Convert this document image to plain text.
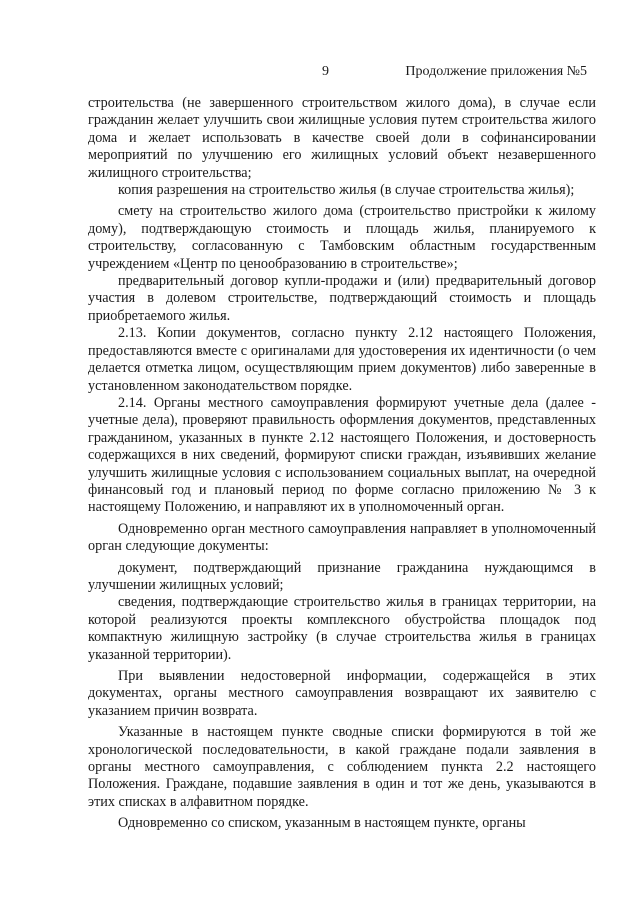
9	Продолжение приложения №5

строительства (не завершенного строительством жилого дома), в случае если гражданин желает улучшить свои жилищные условия путем строительства жилого дома и желает использовать в качестве своей доли в софинансировании мероприятий по улучшению его жилищных условий объект незавершенного жилищного строительства;

копия разрешения на строительство жилья (в случае строительства жилья);

смету на строительство жилого дома (строительство пристройки к жилому дому), подтверждающую стоимость и площадь жилья, планируемого к строительству, согласованную с Тамбовским областным государственным учреждением «Центр по ценообразованию в строительстве»;

предварительный договор купли-продажи и (или) предварительный договор участия в долевом строительстве, подтверждающий стоимость и площадь приобретаемого жилья.

2.13. Копии документов, согласно пункту 2.12 настоящего Положения, предоставляются вместе с оригиналами для удостоверения их идентичности (о чем делается отметка лицом, осуществляющим прием документов) либо заверенные в установленном законодательством порядке.

2.14. Органы местного самоуправления формируют учетные дела (далее - учетные дела), проверяют правильность оформления документов, представленных гражданином, указанных в пункте 2.12 настоящего Положения, и достоверность содержащихся в них сведений, формируют списки граждан, изъявивших желание улучшить жилищные условия с использованием социальных выплат, на очередной финансовый год и плановый период по форме согласно приложению № 3 к настоящему Положению, и направляют их в уполномоченный орган.

Одновременно орган местного самоуправления направляет в уполномоченный орган следующие документы:

документ, подтверждающий признание гражданина нуждающимся в улучшении жилищных условий;

сведения, подтверждающие строительство жилья в границах территории, на которой реализуются проекты комплексного обустройства площадок под компактную жилищную застройку (в случае строительства жилья в границах указанной территории).

При выявлении недостоверной информации, содержащейся в этих документах, органы местного самоуправления возвращают их заявителю с указанием причин возврата.

Указанные в настоящем пункте сводные списки формируются в той же хронологической последовательности, в какой граждане подали заявления в органы местного самоуправления, с соблюдением пункта 2.2 настоящего Положения. Граждане, подавшие заявления в один и тот же день, указываются в этих списках в алфавитном порядке.

Одновременно со списком, указанным в настоящем пункте, органы
